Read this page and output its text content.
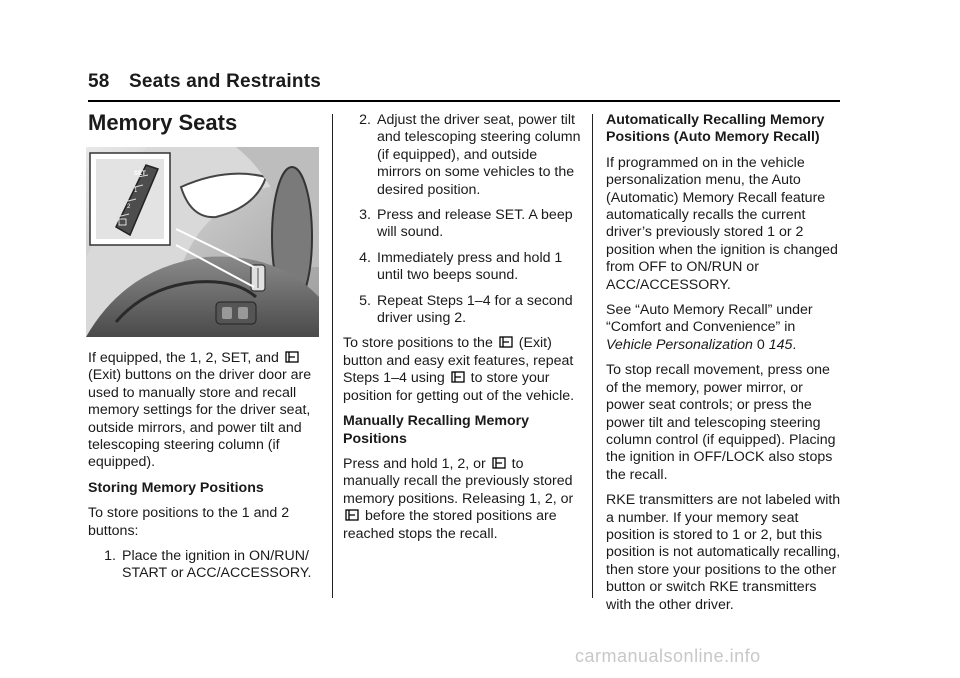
58 Seats and Restraints
Memory Seats
SET
1
2

If equipped, the 1, 2, SET, and
(Exit) buttons on the driver door are used to manually store and recall memory settings for the driver seat, outside mirrors, and power tilt and telescoping steering column (if equipped).

Storing Memory Positions

To store positions to the 1 and 2 buttons:

1. Place the ignition in ON/RUN/ START or ACC/ACCESSORY.
2. Adjust the driver seat, power tilt and telescoping steering column (if equipped), and outside mirrors on some vehicles to the desired position.
3. Press and release SET. A beep will sound.
4. Immediately press and hold 1 until two beeps sound.
5. Repeat Steps 1–4 for a second driver using 2.

To store positions to the (Exit) button and easy exit features, repeat Steps 1–4 using to store your position for getting out of the vehicle.

Manually Recalling Memory Positions

Press and hold 1, 2, or to manually recall the previously stored memory positions. Releasing 1, 2, or  before the stored positions are reached stops the recall.

Automatically Recalling Memory Positions (Auto Memory Recall)

If programmed on in the vehicle personalization menu, the Auto (Automatic) Memory Recall feature automatically recalls the current driver’s previously stored 1 or 2 position when the ignition is changed from OFF to ON/RUN or ACC/ACCESSORY.

See “Auto Memory Recall” under “Comfort and Convenience” in Vehicle Personalization 0 145.

To stop recall movement, press one of the memory, power mirror, or power seat controls; or press the power tilt and telescoping steering column control (if equipped). Placing the ignition in OFF/LOCK also stops the recall.

RKE transmitters are not labeled with a number. If your memory seat position is stored to 1 or 2, but this position is not automatically recalling, then store your positions to the other button or switch RKE transmitters with the other driver.

carmanualsonline.info
